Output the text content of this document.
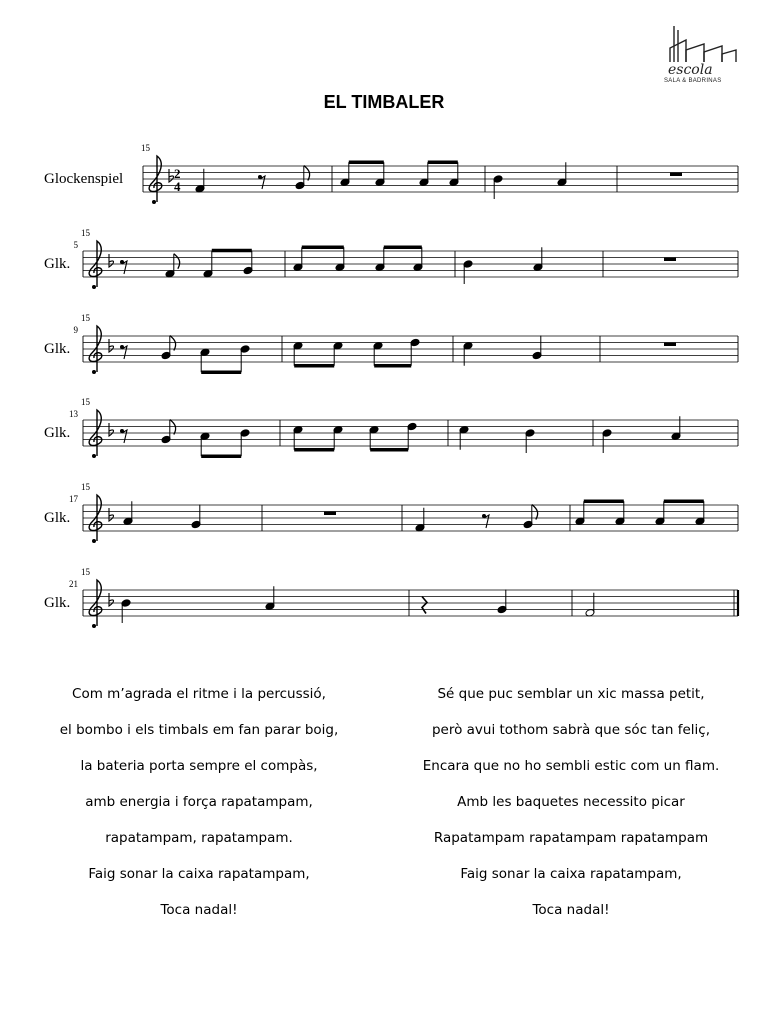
escola
SALA & BADRINAS
EL TIMBALER
Glockenspiel
15
2
4
Glk.
15
5
Glk.
15
9
Glk.
15
13
Glk.
15
17
Glk.
15
21
Com m’agrada el ritme i la percussió,
el bombo i els timbals em fan parar boig,
la bateria porta sempre el compàs,
amb energia i força rapatampam,
rapatampam, rapatampam.
Faig sonar la caixa rapatampam,
Toca nadal!
Sé que puc semblar un xic massa petit,
però avui tothom sabrà que sóc tan feliç,
Encara que no ho sembli estic com un flam.
Amb les baquetes necessito picar
Rapatampam rapatampam rapatampam
Faig sonar la caixa rapatampam,
Toca nadal!
